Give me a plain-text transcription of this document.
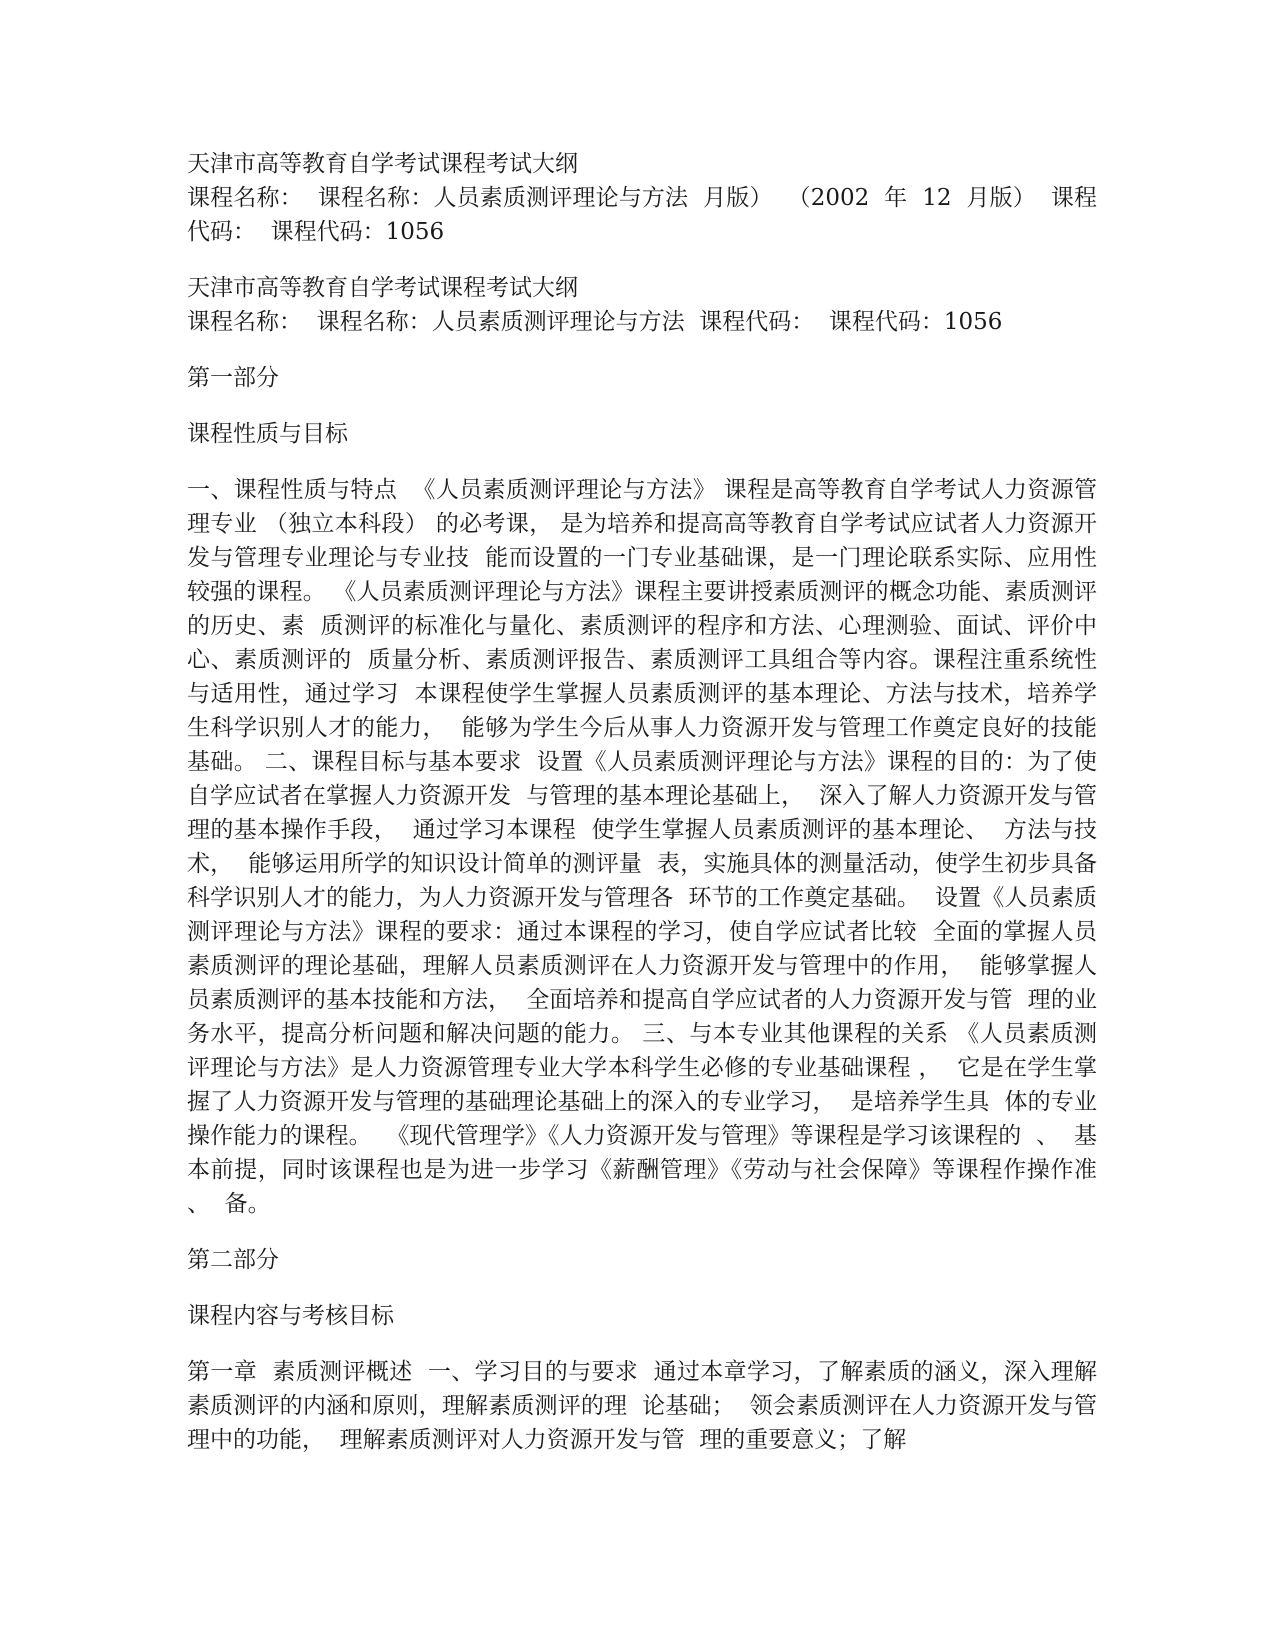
天津市高等教育自学考试课程考试大纲

课程名称：  课程名称：人员素质测评理论与方法  月版）  （2002  年  12  月版）  课程代码：  课程代码：1056

天津市高等教育自学考试课程考试大纲

课程名称：  课程名称：人员素质测评理论与方法  课程代码：  课程代码：1056

第一部分

课程性质与目标

一、课程性质与特点  《人员素质测评理论与方法》 课程是高等教育自学考试人力资源管理专业 （独立本科段） 的必考课， 是为培养和提高高等教育自学考试应试者人力资源开发与管理专业理论与专业技  能而设置的一门专业基础课，是一门理论联系实际、应用性较强的课程。 《人员素质测评理论与方法》课程主要讲授素质测评的概念功能、素质测评的历史、素  质测评的标准化与量化、素质测评的程序和方法、心理测验、面试、评价中心、素质测评的  质量分析、素质测评报告、素质测评工具组合等内容。课程注重系统性与适用性，通过学习  本课程使学生掌握人员素质测评的基本理论、方法与技术，培养学生科学识别人才的能力，  能够为学生今后从事人力资源开发与管理工作奠定良好的技能基础。 二、课程目标与基本要求  设置《人员素质测评理论与方法》课程的目的：为了使自学应试者在掌握人力资源开发  与管理的基本理论基础上，  深入了解人力资源开发与管理的基本操作手段，  通过学习本课程  使学生掌握人员素质测评的基本理论、  方法与技术，  能够运用所学的知识设计简单的测评量  表，实施具体的测量活动，使学生初步具备科学识别人才的能力，为人力资源开发与管理各  环节的工作奠定基础。  设置《人员素质测评理论与方法》课程的要求：通过本课程的学习，使自学应试者比较  全面的掌握人员素质测评的理论基础，理解人员素质测评在人力资源开发与管理中的作用，  能够掌握人员素质测评的基本技能和方法，  全面培养和提高自学应试者的人力资源开发与管  理的业务水平，提高分析问题和解决问题的能力。 三、与本专业其他课程的关系 《人员素质测评理论与方法》是人力资源管理专业大学本科学生必修的专业基础课程 ，  它是在学生掌握了人力资源开发与管理的基础理论基础上的深入的专业学习，  是培养学生具  体的专业操作能力的课程。  《现代管理学》《人力资源开发与管理》等课程是学习该课程的  、  基本前提，同时该课程也是为进一步学习《薪酬管理》《劳动与社会保障》等课程作操作准  、  备。

第二部分

课程内容与考核目标

第一章  素质测评概述  一、学习目的与要求  通过本章学习，了解素质的涵义，深入理解素质测评的内涵和原则，理解素质测评的理  论基础；  领会素质测评在人力资源开发与管理中的功能，  理解素质测评对人力资源开发与管  理的重要意义；了解
